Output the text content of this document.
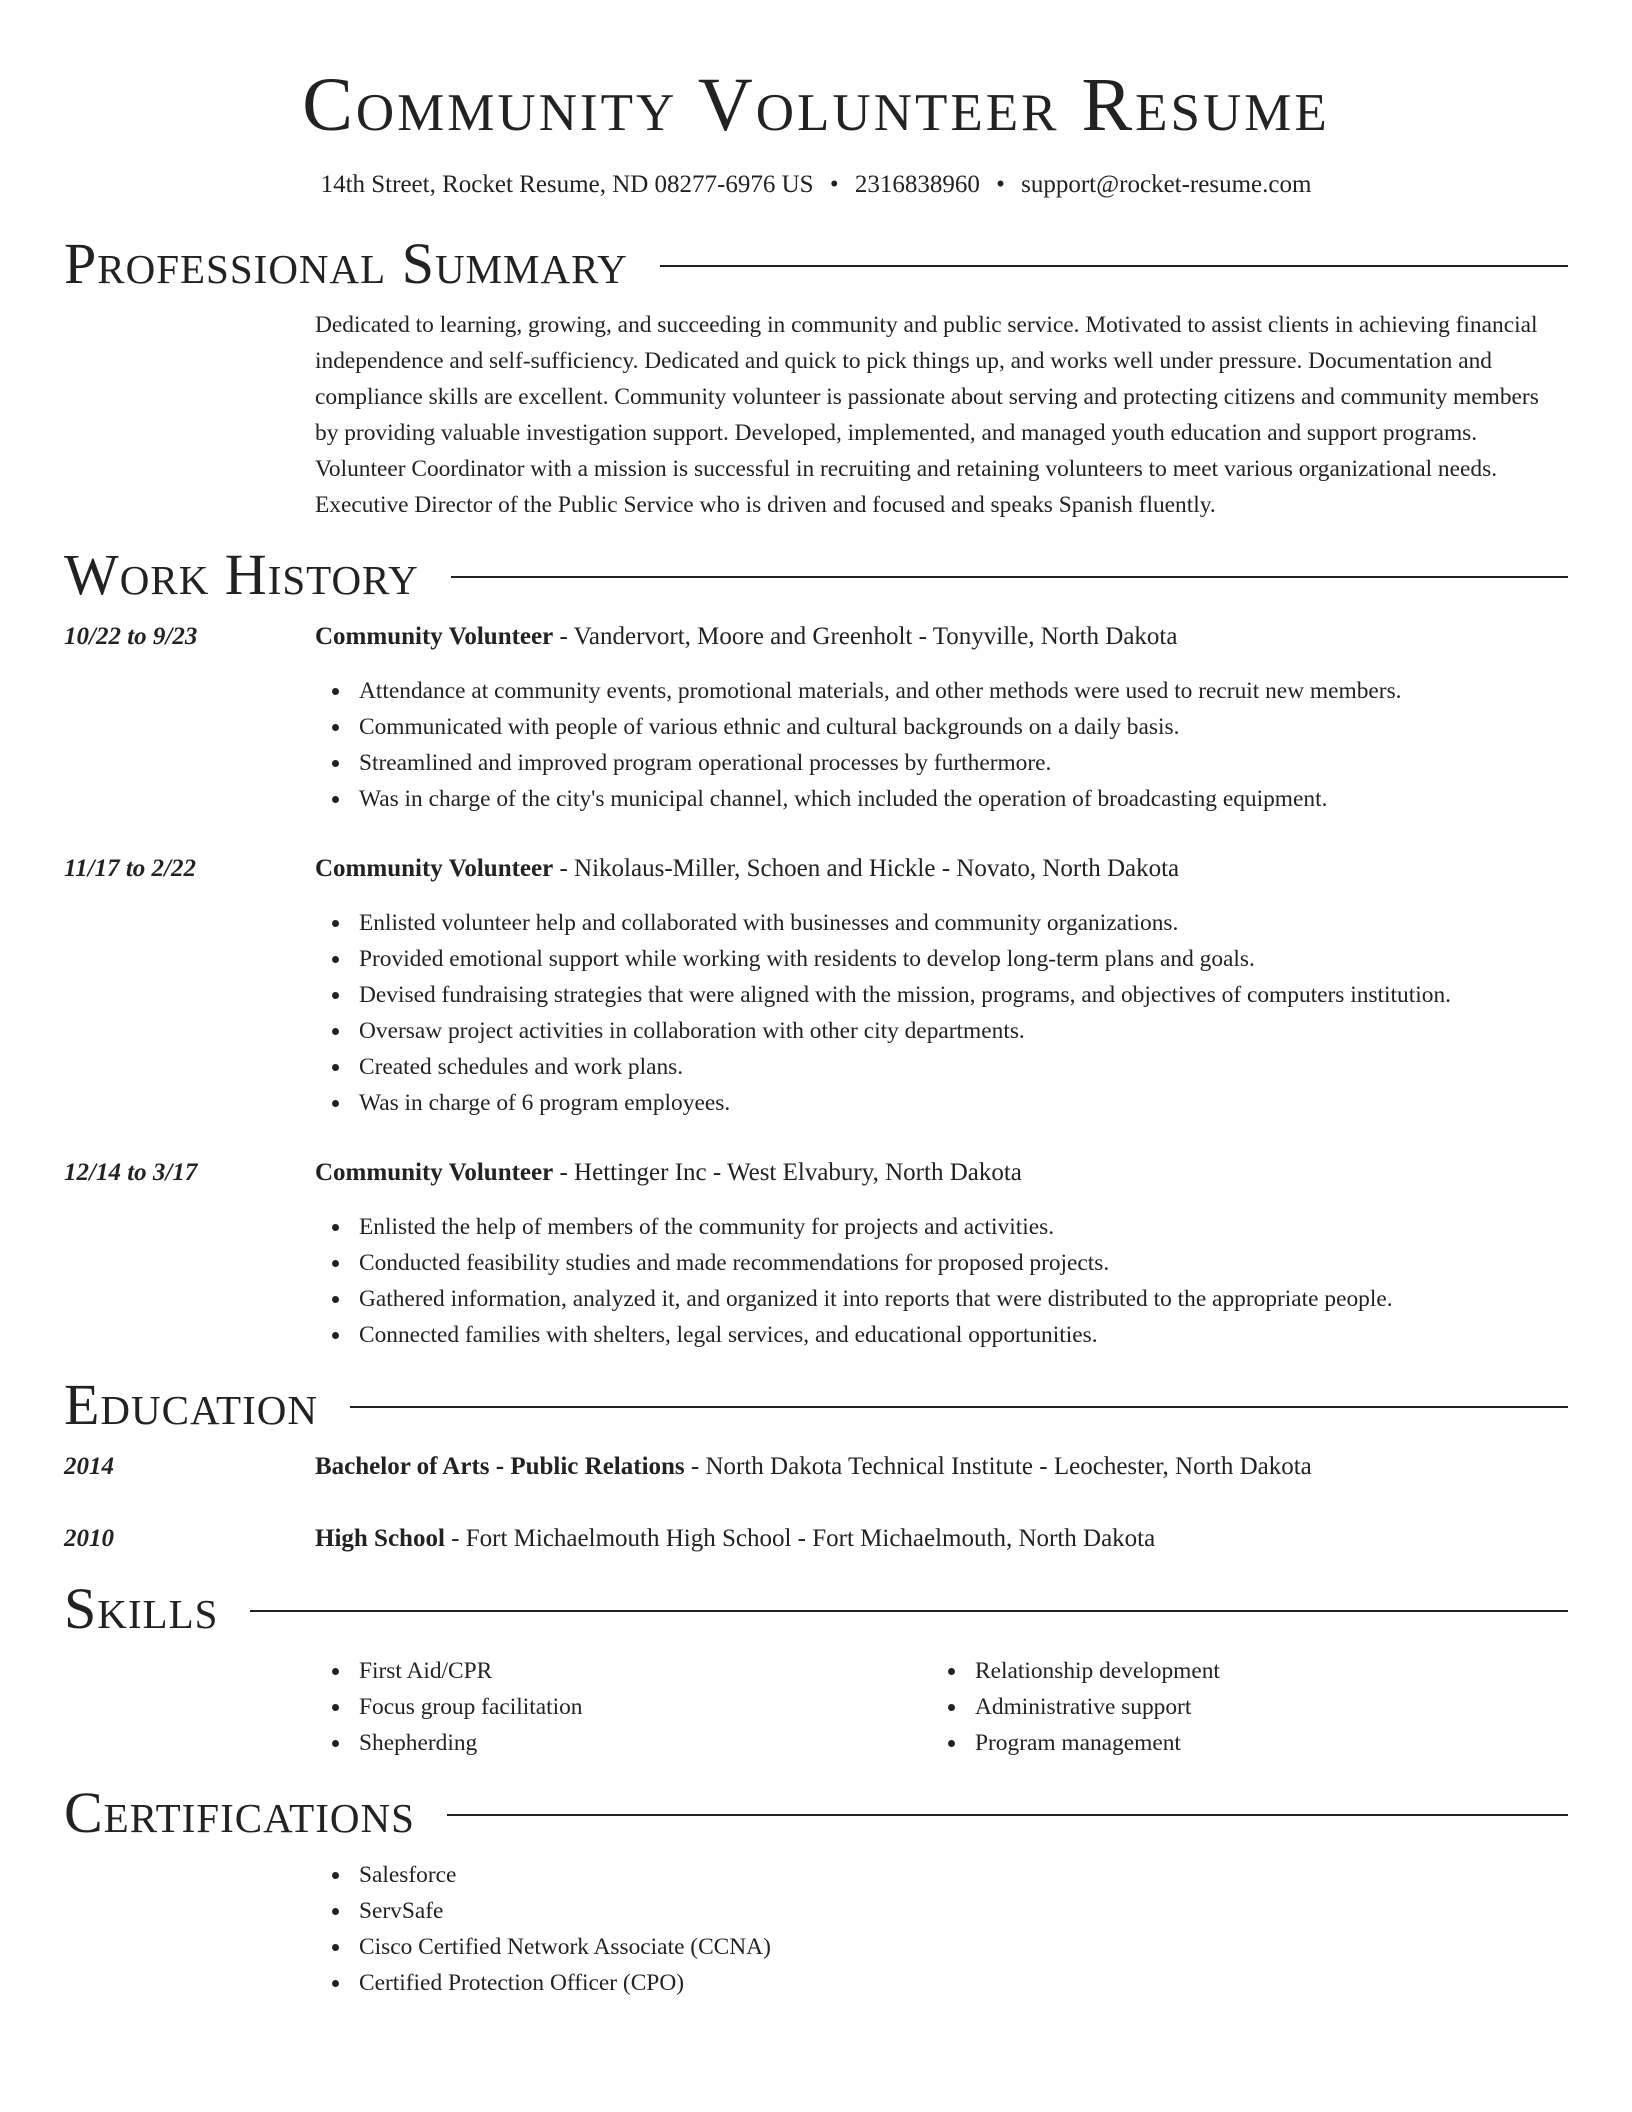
Community Volunteer Resume
14th Street, Rocket Resume, ND 08277-6976 US • 2316838960 • support@rocket-resume.com
Professional Summary
Dedicated to learning, growing, and succeeding in community and public service. Motivated to assist clients in achieving financial independence and self-sufficiency. Dedicated and quick to pick things up, and works well under pressure. Documentation and compliance skills are excellent. Community volunteer is passionate about serving and protecting citizens and community members by providing valuable investigation support. Developed, implemented, and managed youth education and support programs. Volunteer Coordinator with a mission is successful in recruiting and retaining volunteers to meet various organizational needs. Executive Director of the Public Service who is driven and focused and speaks Spanish fluently.
Work History
10/22 to 9/23	Community Volunteer - Vandervort, Moore and Greenholt - Tonyville, North Dakota
Attendance at community events, promotional materials, and other methods were used to recruit new members.
Communicated with people of various ethnic and cultural backgrounds on a daily basis.
Streamlined and improved program operational processes by furthermore.
Was in charge of the city's municipal channel, which included the operation of broadcasting equipment.
11/17 to 2/22	Community Volunteer - Nikolaus-Miller, Schoen and Hickle - Novato, North Dakota
Enlisted volunteer help and collaborated with businesses and community organizations.
Provided emotional support while working with residents to develop long-term plans and goals.
Devised fundraising strategies that were aligned with the mission, programs, and objectives of computers institution.
Oversaw project activities in collaboration with other city departments.
Created schedules and work plans.
Was in charge of 6 program employees.
12/14 to 3/17	Community Volunteer - Hettinger Inc - West Elvabury, North Dakota
Enlisted the help of members of the community for projects and activities.
Conducted feasibility studies and made recommendations for proposed projects.
Gathered information, analyzed it, and organized it into reports that were distributed to the appropriate people.
Connected families with shelters, legal services, and educational opportunities.
Education
2014	Bachelor of Arts - Public Relations - North Dakota Technical Institute - Leochester, North Dakota
2010	High School - Fort Michaelmouth High School - Fort Michaelmouth, North Dakota
Skills
First Aid/CPR
Focus group facilitation
Shepherding
Relationship development
Administrative support
Program management
Certifications
Salesforce
ServSafe
Cisco Certified Network Associate (CCNA)
Certified Protection Officer (CPO)
